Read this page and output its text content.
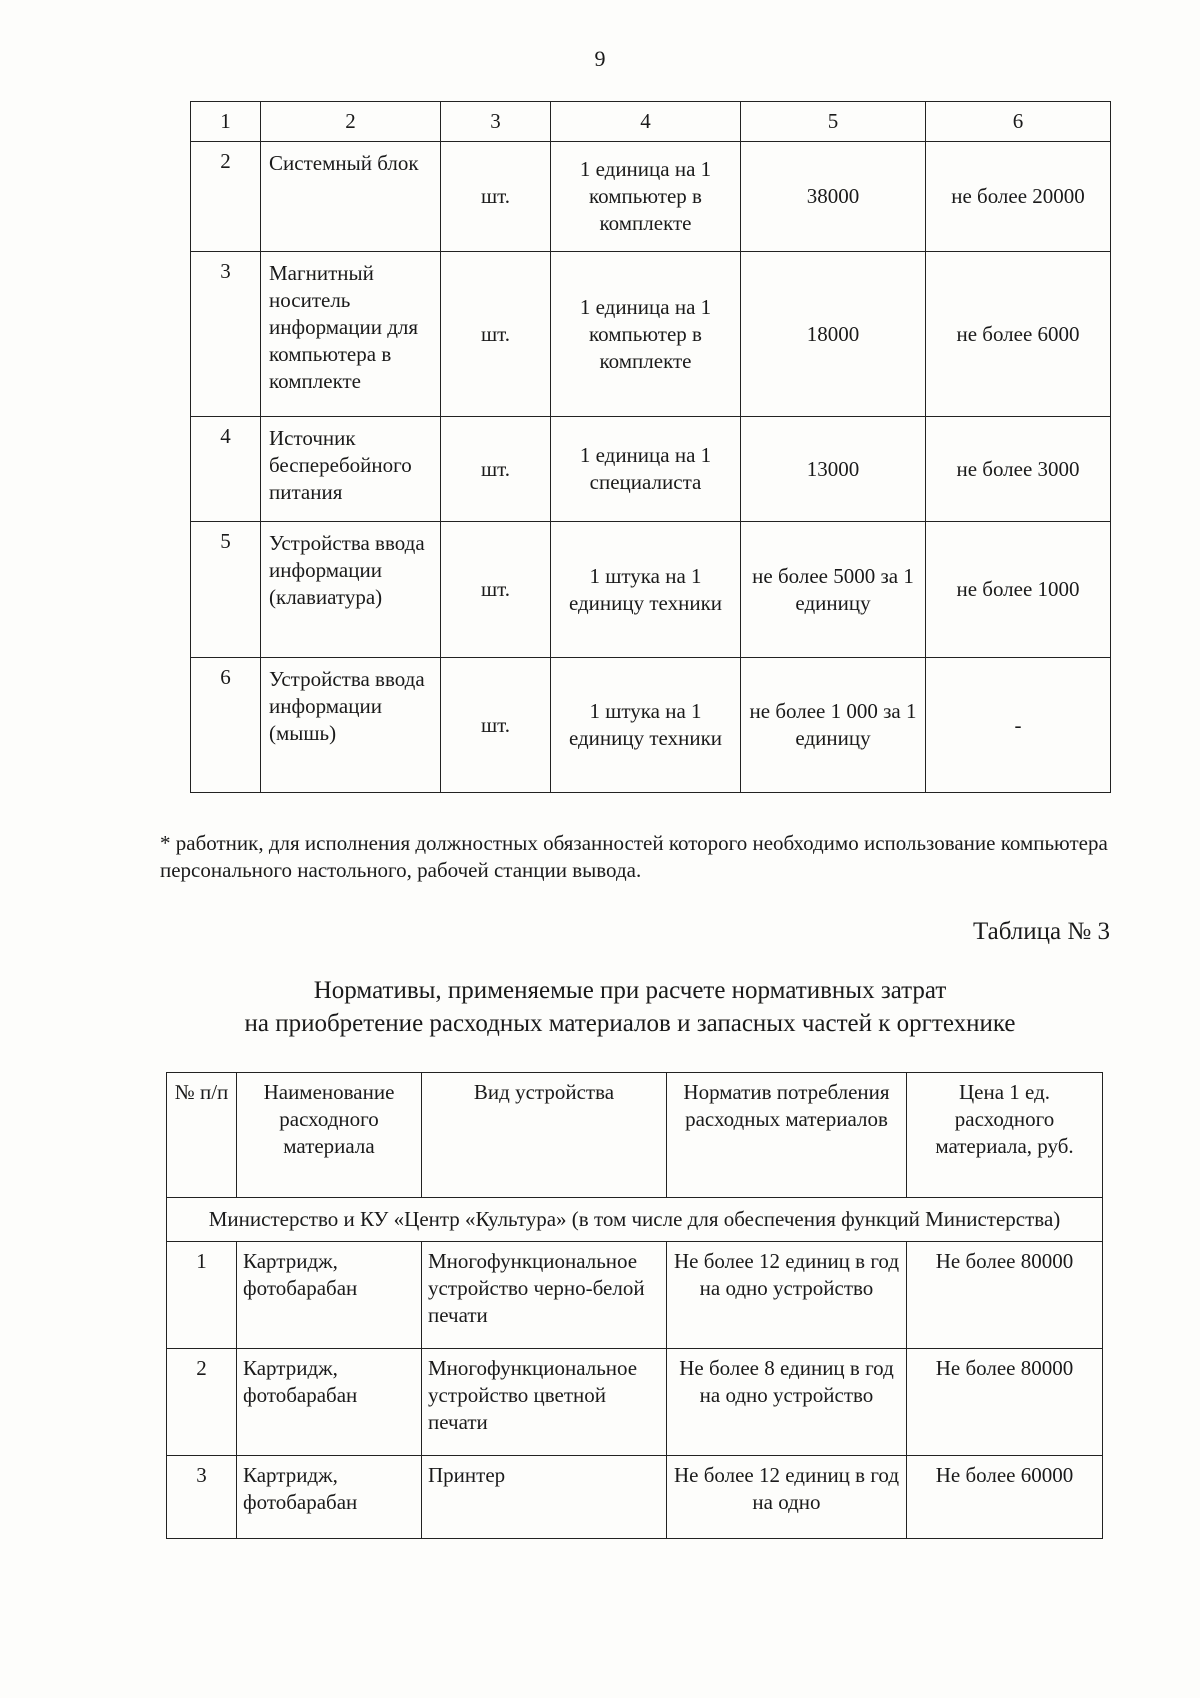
9
1	2	3	4	5	6
2	Системный блок	шт.	1 единица на 1 компьютер в комплекте	38000	не более 20000
3	Магнитный носитель информации для компьютера в комплекте	шт.	1 единица на 1 компьютер в комплекте	18000	не более 6000
4	Источник бесперебойного питания	шт.	1 единица на 1 специалиста	13000	не более 3000
5	Устройства ввода информации (клавиатура)	шт.	1 штука на 1 единицу техники	не более 5000 за 1 единицу	не более 1000
6	Устройства ввода информации (мышь)	шт.	1 штука на 1 единицу техники	не более 1 000 за 1 единицу	-
* работник, для исполнения должностных обязанностей которого необходимо использование компьютера персонального настольного, рабочей станции вывода.
Таблица № 3
Нормативы, применяемые при расчете нормативных затрат
на приобретение расходных материалов и запасных частей к оргтехнике
№ п/п	Наименование расходного материала	Вид устройства	Норматив потребления расходных материалов	Цена 1 ед. расходного материала, руб.
Министерство и КУ «Центр «Культура» (в том числе для обеспечения функций Министерства)				
1	Картридж, фотобарабан	Многофункциональное устройство черно-белой печати	Не более 12 единиц в год на одно устройство	Не более 80000
2	Картридж, фотобарабан	Многофункциональное устройство цветной печати	Не более 8 единиц в год на одно устройство	Не более 80000
3	Картридж, фотобарабан	Принтер	Не более 12 единиц в год на одно	Не более 60000
